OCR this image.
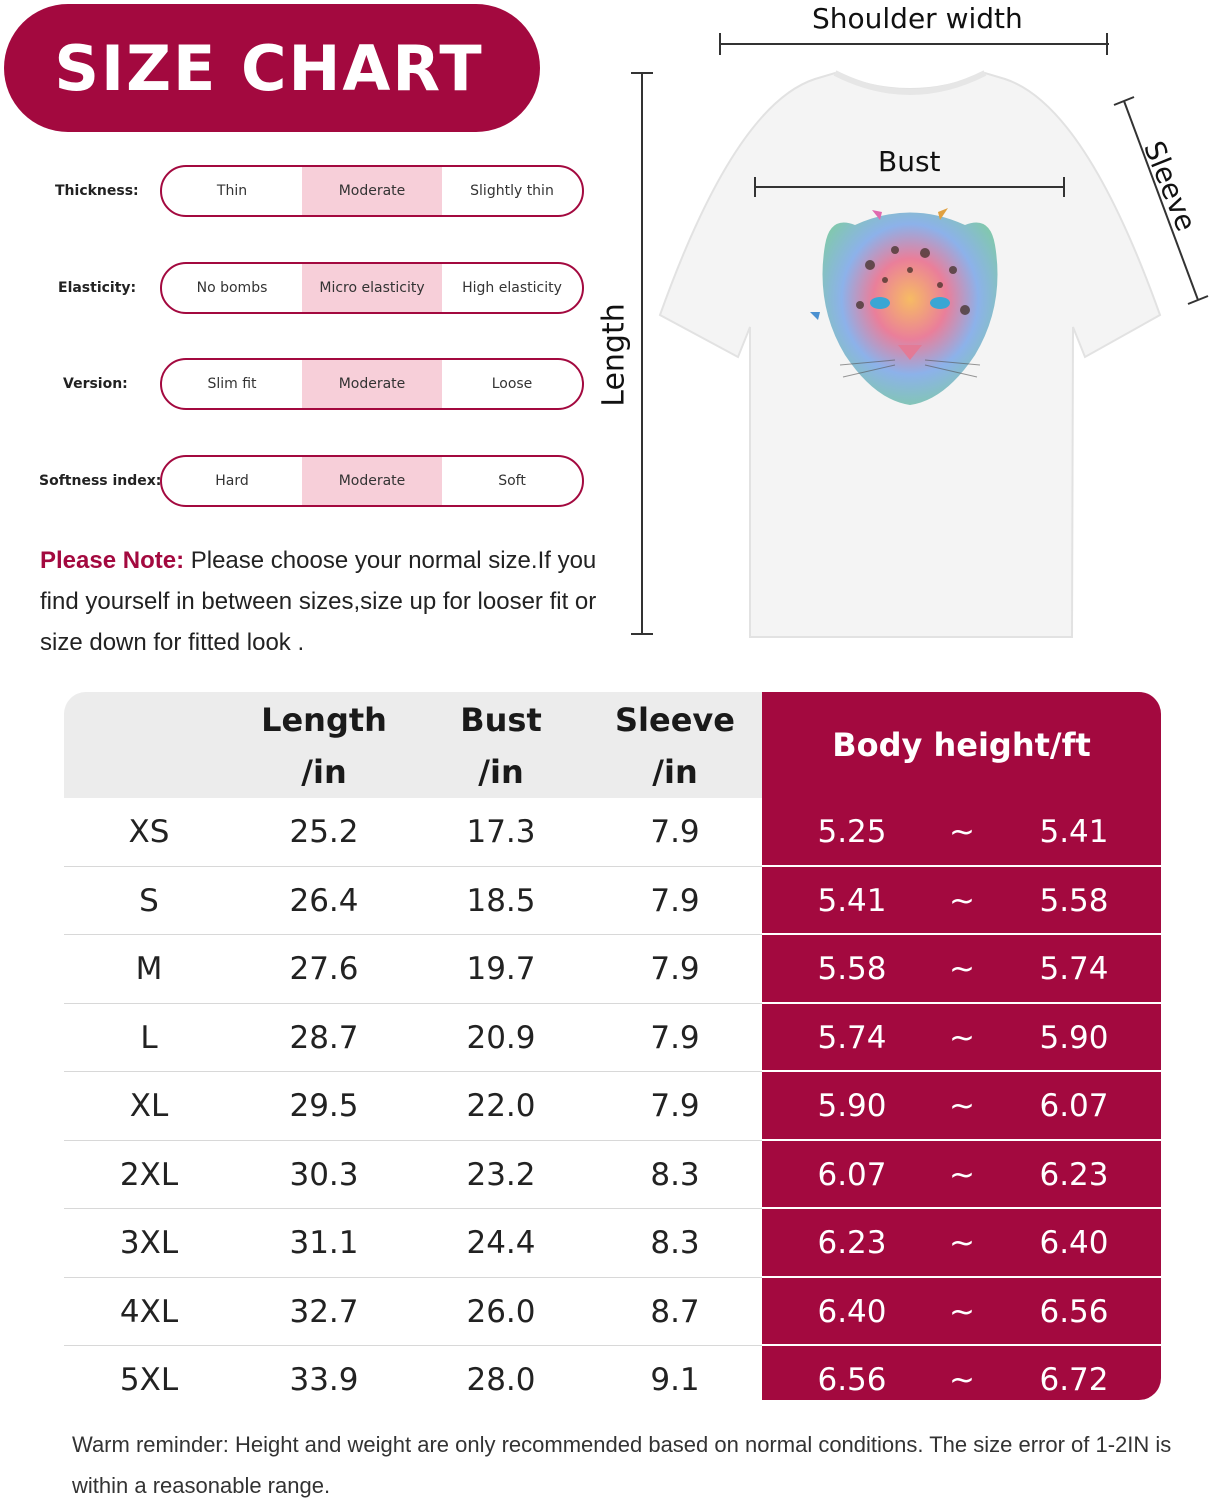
SIZE CHART
Thickness:	Thin	Moderate	Slightly thin
Elasticity:	No bombs	Micro elasticity	High elasticity
Version:	Slim fit	Moderate	Loose
Softness index:	Hard	Moderate	Soft
Please Note: Please choose your normal size.If you find yourself in between sizes,size up for looser fit or size down for fitted look .
Length
Shoulder width
Bust	Sleeve
Length
/in
Bust
/in
Sleeve
/in
Body height/ft
XS	25.2	17.3	7.9	5.25	~	5.41
S	26.4	18.5	7.9	5.41	~	5.58
M	27.6	19.7	7.9	5.58	~	5.74
L	28.7	20.9	7.9	5.74	~	5.90
XL	29.5	22.0	7.9	5.90	~	6.07
2XL	30.3	23.2	8.3	6.07	~	6.23
3XL	31.1	24.4	8.3	6.23	~	6.40
4XL	32.7	26.0	8.7	6.40	~	6.56
5XL	33.9	28.0	9.1	6.56	~	6.72
Warm reminder: Height and weight are only recommended based on normal conditions. The size error of 1-2IN is within a reasonable range.
